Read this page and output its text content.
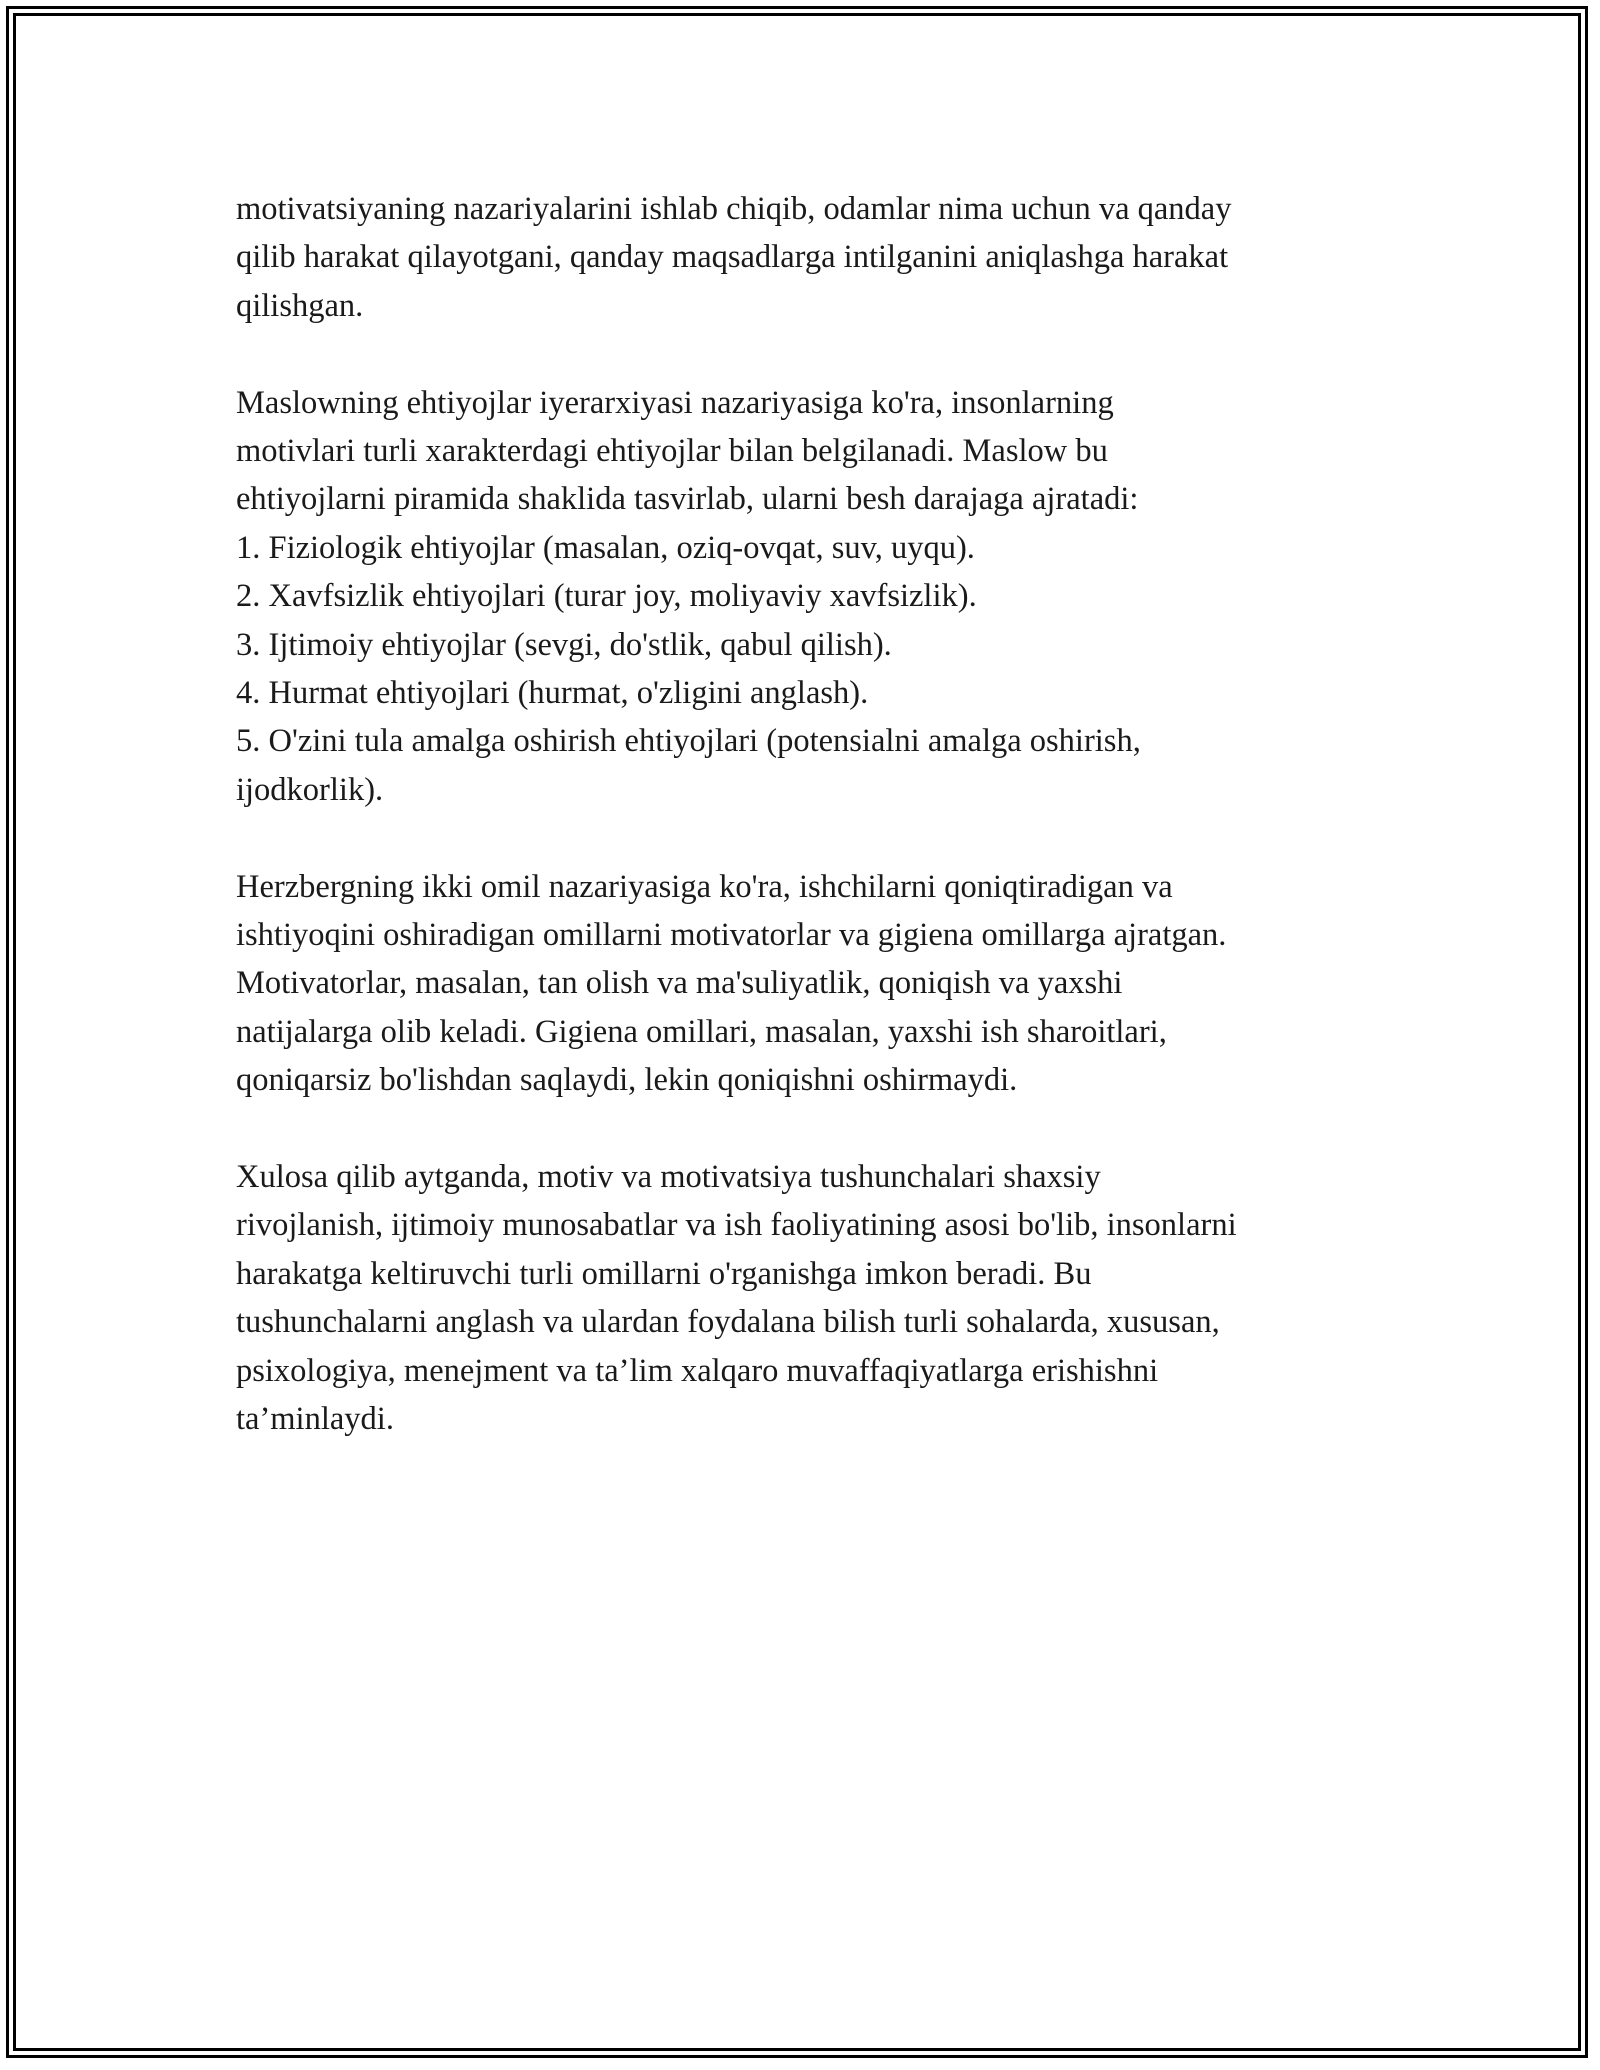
motivatsiyaning nazariyalarini ishlab chiqib, odamlar nima uchun va qanday
qilib harakat qilayotgani, qanday maqsadlarga intilganini aniqlashga harakat
qilishgan.

Maslowning ehtiyojlar iyerarxiyasi nazariyasiga ko'ra, insonlarning
motivlari turli xarakterdagi ehtiyojlar bilan belgilanadi. Maslow bu
ehtiyojlarni piramida shaklida tasvirlab, ularni besh darajaga ajratadi:
1. Fiziologik ehtiyojlar (masalan, oziq-ovqat, suv, uyqu).
2. Xavfsizlik ehtiyojlari (turar joy, moliyaviy xavfsizlik).
3. Ijtimoiy ehtiyojlar (sevgi, do'stlik, qabul qilish).
4. Hurmat ehtiyojlari (hurmat, o'zligini anglash).
5. O'zini tula amalga oshirish ehtiyojlari (potensialni amalga oshirish,
ijodkorlik).

Herzbergning ikki omil nazariyasiga ko'ra, ishchilarni qoniqtiradigan va
ishtiyoqini oshiradigan omillarni motivatorlar va gigiena omillarga ajratgan.
Motivatorlar, masalan, tan olish va ma'suliyatlik, qoniqish va yaxshi
natijalarga olib keladi. Gigiena omillari, masalan, yaxshi ish sharoitlari,
qoniqarsiz bo'lishdan saqlaydi, lekin qoniqishni oshirmaydi.

Xulosa qilib aytganda, motiv va motivatsiya tushunchalari shaxsiy
rivojlanish, ijtimoiy munosabatlar va ish faoliyatining asosi bo'lib, insonlarni
harakatga keltiruvchi turli omillarni o'rganishga imkon beradi. Bu
tushunchalarni anglash va ulardan foydalana bilish turli sohalarda, xususan,
psixologiya, menejment va ta’lim xalqaro muvaffaqiyatlarga erishishni
ta’minlaydi.
